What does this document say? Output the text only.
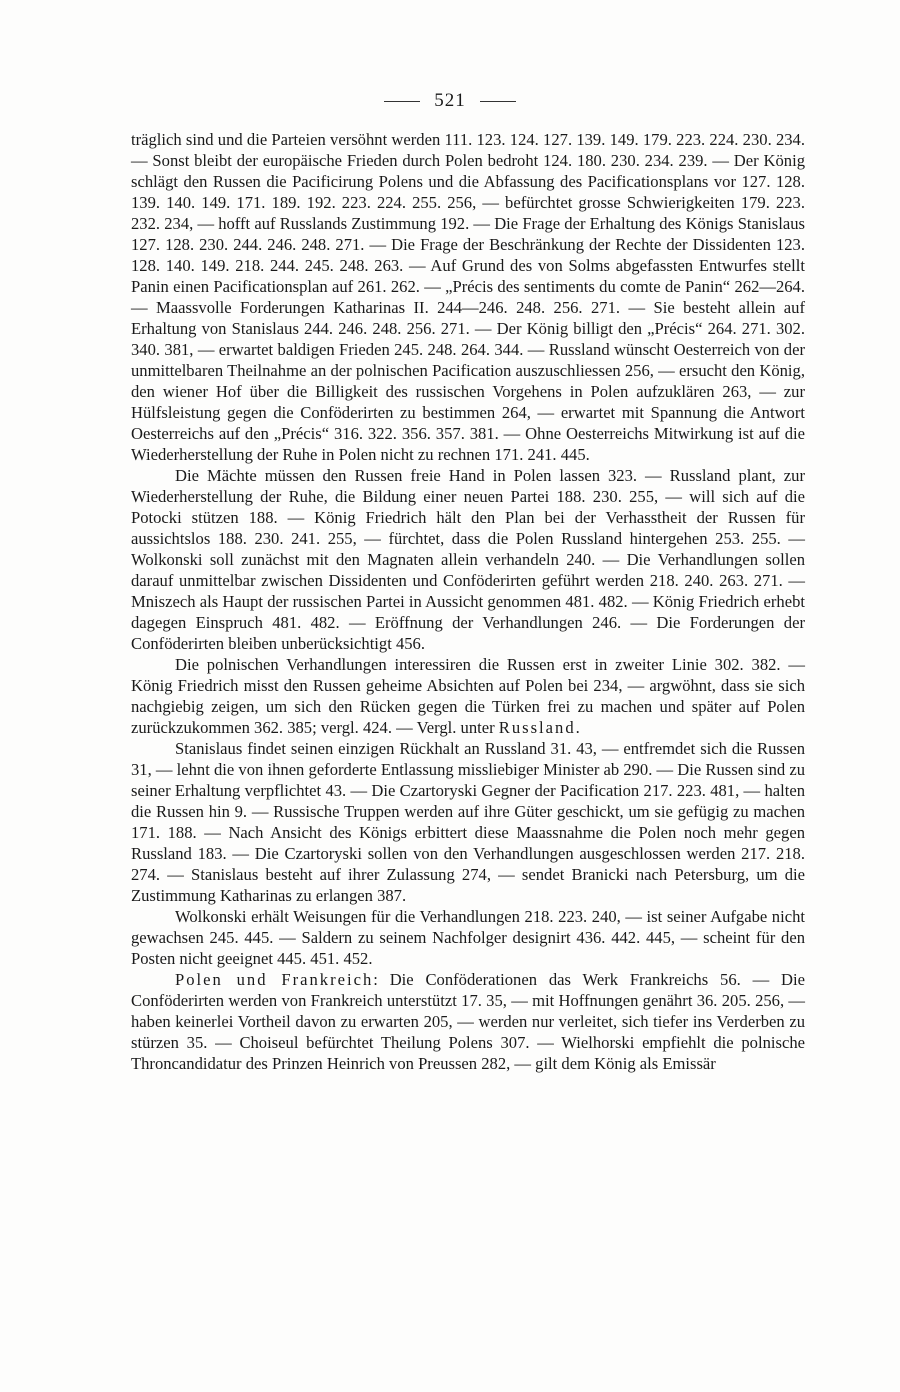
521

träglich sind und die Parteien versöhnt werden 111. 123. 124. 127. 139. 149. 179. 223. 224. 230. 234. — Sonst bleibt der europäische Frieden durch Polen bedroht 124. 180. 230. 234. 239. — Der König schlägt den Russen die Pacificirung Polens und die Abfassung des Pacificationsplans vor 127. 128. 139. 140. 149. 171. 189. 192. 223. 224. 255. 256, — befürchtet grosse Schwierigkeiten 179. 223. 232. 234, — hofft auf Russlands Zustimmung 192. — Die Frage der Erhaltung des Königs Stanislaus 127. 128. 230. 244. 246. 248. 271. — Die Frage der Beschränkung der Rechte der Dissidenten 123. 128. 140. 149. 218. 244. 245. 248. 263. — Auf Grund des von Solms abgefassten Entwurfes stellt Panin einen Pacificationsplan auf 261. 262. — „Précis des sentiments du comte de Panin“ 262—264. — Maassvolle Forderungen Katharinas II. 244—246. 248. 256. 271. — Sie besteht allein auf Erhaltung von Stanislaus 244. 246. 248. 256. 271. — Der König billigt den „Précis“ 264. 271. 302. 340. 381, — erwartet baldigen Frieden 245. 248. 264. 344. — Russland wünscht Oesterreich von der unmittelbaren Theilnahme an der polnischen Pacification auszuschliessen 256, — ersucht den König, den wiener Hof über die Billigkeit des russischen Vorgehens in Polen aufzuklären 263, — zur Hülfsleistung gegen die Conföderirten zu bestimmen 264, — erwartet mit Spannung die Antwort Oesterreichs auf den „Précis“ 316. 322. 356. 357. 381. — Ohne Oesterreichs Mitwirkung ist auf die Wiederherstellung der Ruhe in Polen nicht zu rechnen 171. 241. 445.

Die Mächte müssen den Russen freie Hand in Polen lassen 323. — Russland plant, zur Wiederherstellung der Ruhe, die Bildung einer neuen Partei 188. 230. 255, — will sich auf die Potocki stützen 188. — König Friedrich hält den Plan bei der Verhasstheit der Russen für aussichtslos 188. 230. 241. 255, — fürchtet, dass die Polen Russland hintergehen 253. 255. — Wolkonski soll zunächst mit den Magnaten allein verhandeln 240. — Die Verhandlungen sollen darauf unmittelbar zwischen Dissidenten und Conföderirten geführt werden 218. 240. 263. 271. — Mniszech als Haupt der russischen Partei in Aussicht genommen 481. 482. — König Friedrich erhebt dagegen Einspruch 481. 482. — Eröffnung der Verhandlungen 246. — Die Forderungen der Conföderirten bleiben unberücksichtigt 456.

Die polnischen Verhandlungen interessiren die Russen erst in zweiter Linie 302. 382. — König Friedrich misst den Russen geheime Absichten auf Polen bei 234, — argwöhnt, dass sie sich nachgiebig zeigen, um sich den Rücken gegen die Türken frei zu machen und später auf Polen zurückzukommen 362. 385; vergl. 424. — Vergl. unter Russland.

Stanislaus findet seinen einzigen Rückhalt an Russland 31. 43, — entfremdet sich die Russen 31, — lehnt die von ihnen geforderte Entlassung missliebiger Minister ab 290. — Die Russen sind zu seiner Erhaltung verpflichtet 43. — Die Czartoryski Gegner der Pacification 217. 223. 481, — halten die Russen hin 9. — Russische Truppen werden auf ihre Güter geschickt, um sie gefügig zu machen 171. 188. — Nach Ansicht des Königs erbittert diese Maassnahme die Polen noch mehr gegen Russland 183. — Die Czartoryski sollen von den Verhandlungen ausgeschlossen werden 217. 218. 274. — Stanislaus besteht auf ihrer Zulassung 274, — sendet Branicki nach Petersburg, um die Zustimmung Katharinas zu erlangen 387.

Wolkonski erhält Weisungen für die Verhandlungen 218. 223. 240, — ist seiner Aufgabe nicht gewachsen 245. 445. — Saldern zu seinem Nachfolger designirt 436. 442. 445, — scheint für den Posten nicht geeignet 445. 451. 452.

Polen und Frankreich: Die Conföderationen das Werk Frankreichs 56. — Die Conföderirten werden von Frankreich unterstützt 17. 35, — mit Hoffnungen genährt 36. 205. 256, — haben keinerlei Vortheil davon zu erwarten 205, — werden nur verleitet, sich tiefer ins Verderben zu stürzen 35. — Choiseul befürchtet Theilung Polens 307. — Wielhorski empfiehlt die polnische Throncandidatur des Prinzen Heinrich von Preussen 282, — gilt dem König als Emissär
